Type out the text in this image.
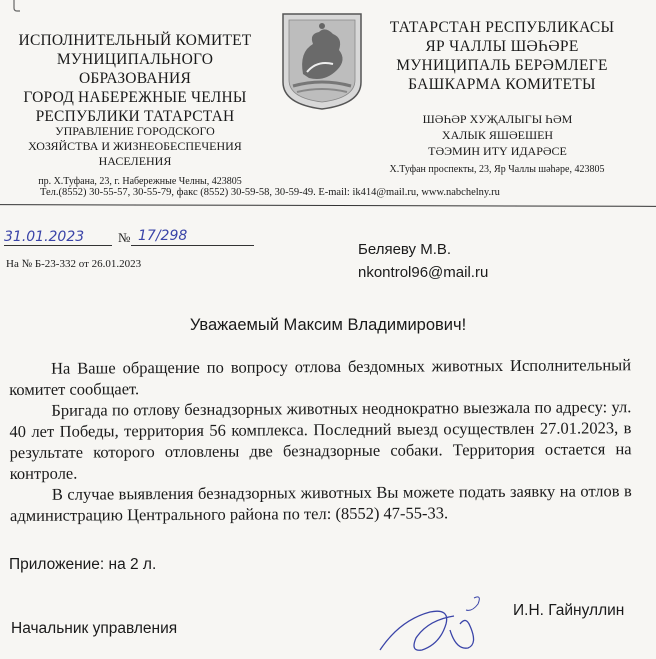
ИСПОЛНИТЕЛЬНЫЙ КОМИТЕТ
МУНИЦИПАЛЬНОГО ОБРАЗОВАНИЯ
ГОРОД НАБЕРЕЖНЫЕ ЧЕЛНЫ
РЕСПУБЛИКИ ТАТАРСТАН
УПРАВЛЕНИЕ ГОРОДСКОГО
ХОЗЯЙСТВА И ЖИЗНЕОБЕСПЕЧЕНИЯ
НАСЕЛЕНИЯ
пр. Х.Туфана, 23, г. Набережные Челны, 423805
ТАТАРСТАН РЕСПУБЛИКАСЫ
ЯР ЧАЛЛЫ ШӘҺӘРЕ
МУНИЦИПАЛЬ БЕРӘМЛЕГЕ
БАШКАРМА КОМИТЕТЫ
ШӘҺӘР ХУҖАЛЫГЫ ҺӘМ
ХАЛЫК ЯШӘЕШЕН
ТӘЭМИН ИТҮ ИДАРӘСЕ
Х.Туфан проспекты, 23, Яр Чаллы шәһәре, 423805
Тел.(8552) 30-55-57, 30-55-79, факс (8552) 30-59-58, 30-59-49. E-mail: ik414@mail.ru, www.nabchelny.ru
31.01.2023	№ 17/298
На № Б-23-332 от 26.01.2023
Беляеву М.В.
nkontrol96@mail.ru
Уважаемый Максим Владимирович!

На Ваше обращение по вопросу отлова бездомных животных Исполнительный комитет сообщает.

Бригада по отлову безнадзорных животных неоднократно выезжала по адресу: ул. 40 лет Победы, территория 56 комплекса. Последний выезд осуществлен 27.01.2023, в результате которого отловлены две безнадзорные собаки. Территория остается на контроле.

В случае выявления безнадзорных животных Вы можете подать заявку на отлов в администрацию Центрального района по тел: (8552) 47-55-33.

Приложение: на 2 л.
Начальник управления
И.Н. Гайнуллин
